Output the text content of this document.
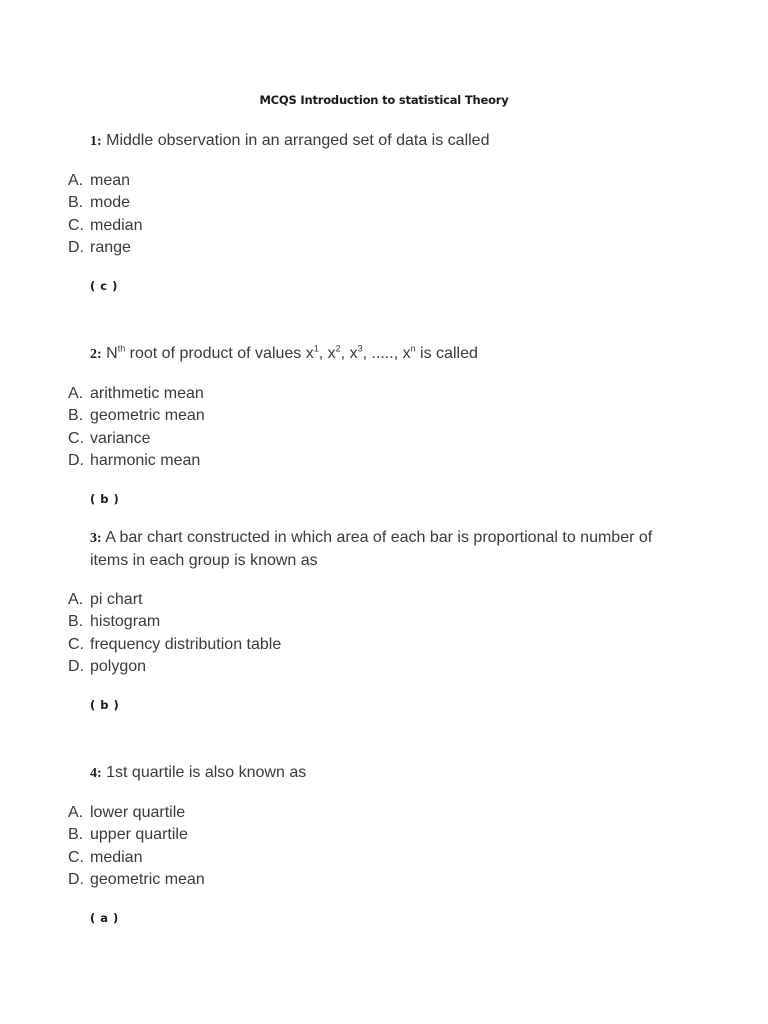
MCQS Introduction to statistical Theory
1: Middle observation in an arranged set of data is called
A. mean
B. mode
C. median
D. range
( c )
2: $N^{th}$ root of product of values $x^1$, $x^2$, $x^3$, ....., $x^n$ is called
A. arithmetic mean
B. geometric mean
C. variance
D. harmonic mean
( b )
3: A bar chart constructed in which area of each bar is proportional to number of items in each group is known as
A. pi chart
B. histogram
C. frequency distribution table
D. polygon
( b )
4: 1st quartile is also known as
A. lower quartile
B. upper quartile
C. median
D. geometric mean
( a )
